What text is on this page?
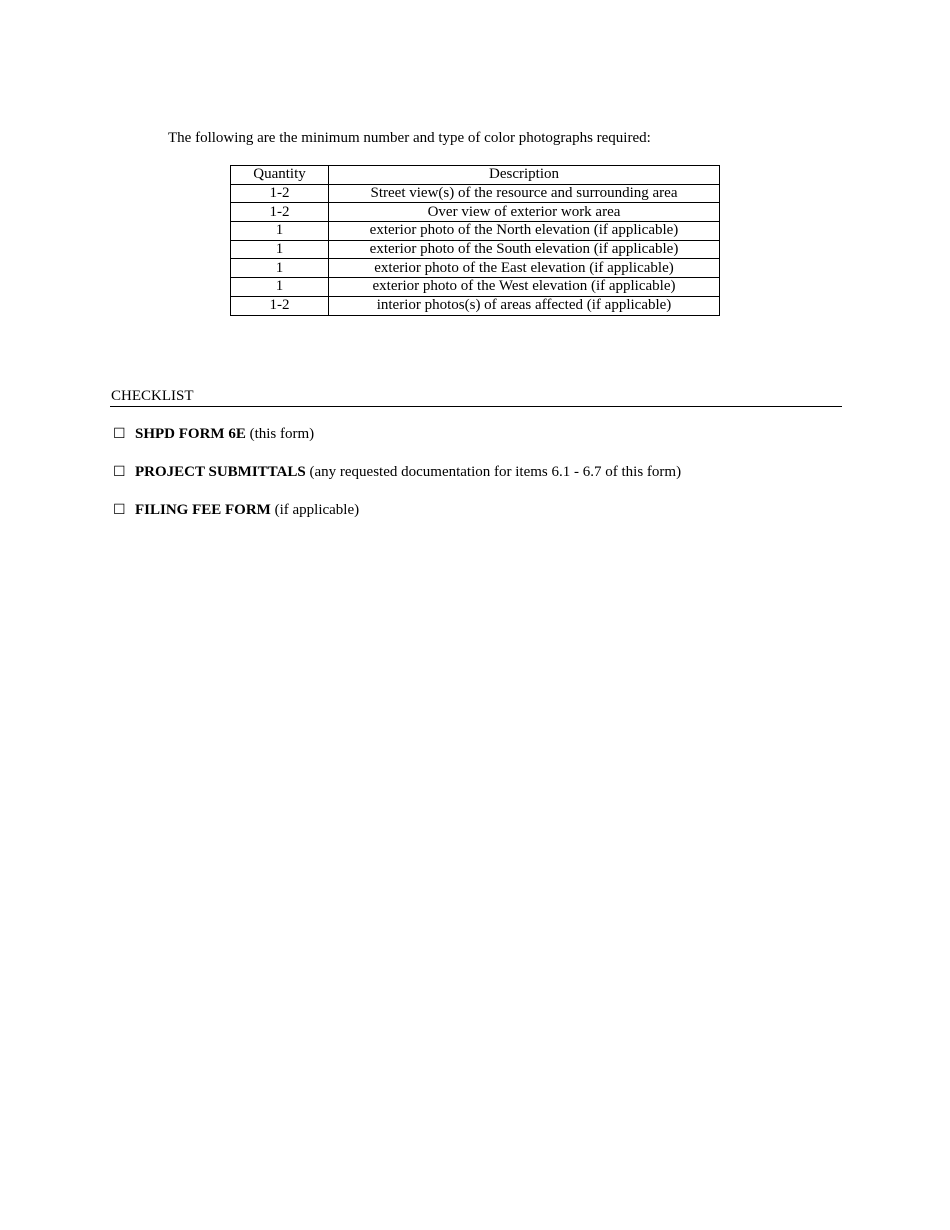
The following are the minimum number and type of color photographs required:
Quantity	Description
1-2	Street view(s) of the resource and surrounding area
1-2	Over view of exterior work area
1	exterior photo of the North elevation (if applicable)
1	exterior photo of the South elevation (if applicable)
1	exterior photo of the East elevation (if applicable)
1	exterior photo of the West elevation (if applicable)
1-2	interior photos(s) of areas affected (if applicable)
CHECKLIST
☐ SHPD FORM 6E (this form)
☐ PROJECT SUBMITTALS (any requested documentation for items 6.1 - 6.7 of this form)
☐ FILING FEE FORM (if applicable)
